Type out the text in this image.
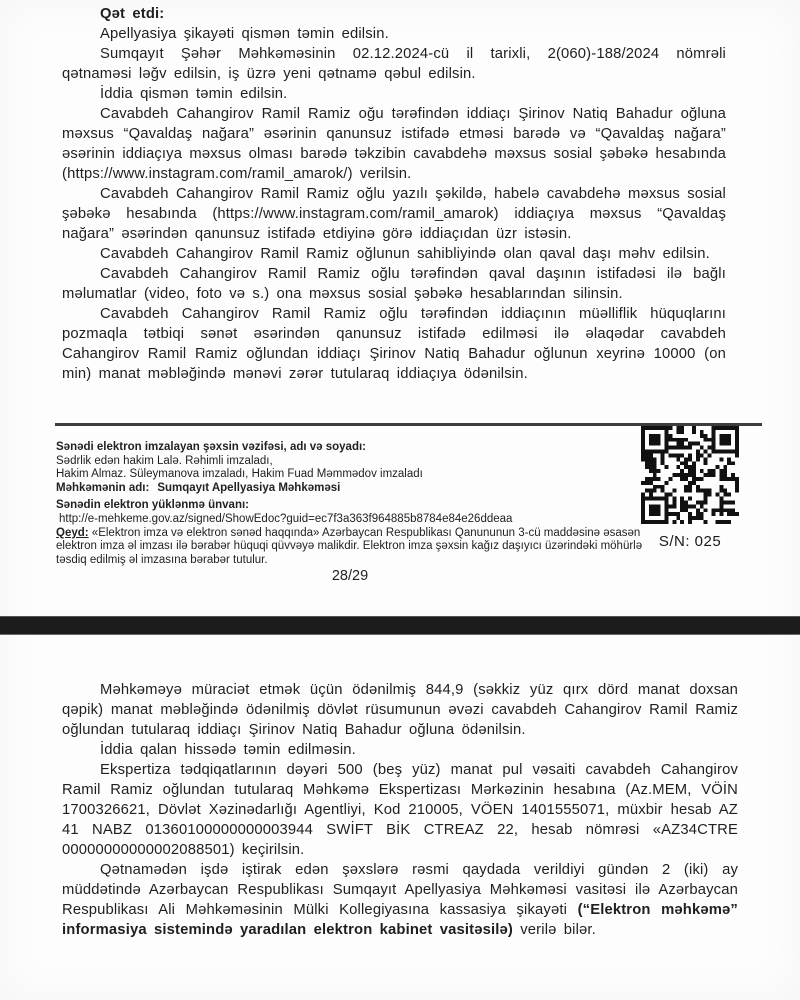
Qət etdi:

Apellyasiya şikayəti qismən təmin edilsin.

Sumqayıt Şəhər Məhkəməsinin 02.12.2024-cü il tarixli, 2(060)-188/2024 nömrəli qətnaməsi ləğv edilsin, iş üzrə yeni qətnamə qəbul edilsin.

İddia qismən təmin edilsin.

Cavabdeh Cahangirov Ramil Ramiz oğu tərəfindən iddiaçı Şirinov Natiq Bahadur oğluna məxsus “Qavaldaş nağara” əsərinin qanunsuz istifadə etməsi barədə və “Qavaldaş nağara” əsərinin iddiaçıya məxsus olması barədə təkzibin cavabdehə məxsus sosial şəbəkə hesabında (https://www.instagram.com/ramil_amarok/) verilsin.

Cavabdeh Cahangirov Ramil Ramiz oğlu yazılı şəkildə, habelə cavabdehə məxsus sosial şəbəkə hesabında (https://www.instagram.com/ramil_amarok) iddiaçıya məxsus “Qavaldaş nağara” əsərindən qanunsuz istifadə etdiyinə görə iddiaçıdan üzr istəsin.

Cavabdeh Cahangirov Ramil Ramiz oğlunun sahibliyində olan qaval daşı məhv edilsin.

Cavabdeh Cahangirov Ramil Ramiz oğlu tərəfindən qaval daşının istifadəsi ilə bağlı məlumatlar (video, foto və s.) ona məxsus sosial şəbəkə hesablarından silinsin.

Cavabdeh Cahangirov Ramil Ramiz oğlu tərəfindən iddiaçının müəlliflik hüquqlarını pozmaqla tətbiqi sənət əsərindən qanunsuz istifadə edilməsi ilə əlaqədar cavabdeh Cahangirov Ramil Ramiz oğlundan iddiaçı Şirinov Natiq Bahadur oğlunun xeyrinə 10000 (on min) manat məbləğində mənəvi zərər tutularaq iddiaçıya ödənilsin.

Sənədi elektron imzalayan şəxsin vəzifəsi, adı və soyadı:
Sədrlik edən hakim Lalə. Rəhimli imzaladı,
Hakim Almaz. Süleymanova imzaladı, Hakim Fuad Məmmədov imzaladı
Məhkəmənin adı: Sumqayıt Apellyasiya Məhkəməsi
Sənədin elektron yüklənmə ünvanı:
http://e-mehkeme.gov.az/signed/ShowEdoc?guid=ec7f3a363f964885b8784e84e26ddeaa
Qeyd: «Elektron imza və elektron sənəd haqqında» Azərbaycan Respublikası Qanununun 3-cü maddəsinə əsasən elektron imza əl imzası ilə bərabər hüquqi qüvvəyə malikdir. Elektron imza şəxsin kağız daşıyıcı üzərindəki möhürlə təsdiq edilmiş əl imzasına bərabər tutulur.
S/N: 025
28/29

Məhkəməyə müraciət etmək üçün ödənilmiş 844,9 (səkkiz yüz qırx dörd manat doxsan qəpik) manat məbləğində ödənilmiş dövlət rüsumunun əvəzi cavabdeh Cahangirov Ramil Ramiz oğlundan tutularaq iddiaçı Şirinov Natiq Bahadur oğluna ödənilsin.

İddia qalan hissədə təmin edilməsin.

Ekspertiza tədqiqatlarının dəyəri 500 (beş yüz) manat pul vəsaiti cavabdeh Cahangirov Ramil Ramiz oğlundan tutularaq Məhkəmə Ekspertizası Mərkəzinin hesabına (Az.MEM, VÖİN 1700326621, Dövlət Xəzinədarlığı Agentliyi, Kod 210005, VÖEN 1401555071, müxbir hesab AZ 41 NABZ 01360100000000003944 SWİFT BİK CTREAZ 22, hesab nömrəsi «AZ34CTRE 00000000000002088501) keçirilsin.

Qətnamədən işdə iştirak edən şəxslərə rəsmi qaydada verildiyi gündən 2 (iki) ay müddətində Azərbaycan Respublikası Sumqayıt Apellyasiya Məhkəməsi vasitəsi ilə Azərbaycan Respublikası Ali Məhkəməsinin Mülki Kollegiyasına kassasiya şikayəti (“Elektron məhkəmə” informasiya sistemində yaradılan elektron kabinet vasitəsilə) verilə bilər.
